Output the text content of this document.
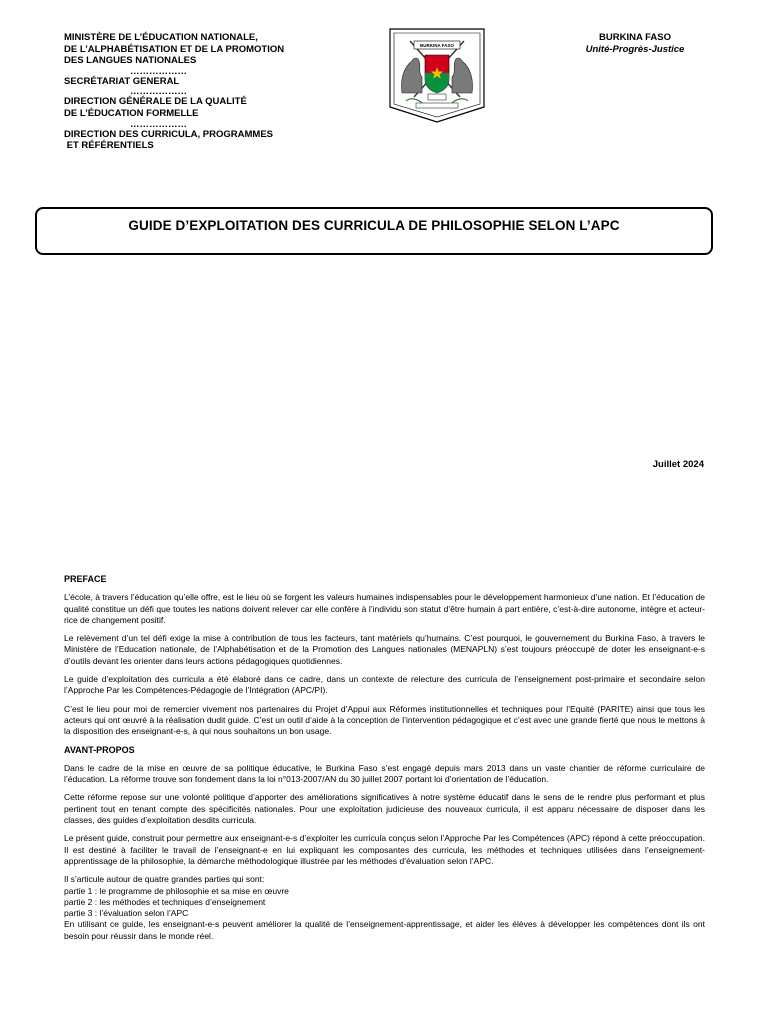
MINISTÈRE DE L’ÉDUCATION NATIONALE,
DE L’ALPHABÉTISATION ET DE LA PROMOTION
DES LANGUES NATIONALES
………………
SECRÉTARIAT GENERAL
………………
DIRECTION GÉNÉRALE DE LA QUALITÉ
DE L’ÉDUCATION FORMELLE
………………
DIRECTION DES CURRICULA, PROGRAMMES
ET RÉFÉRENTIELS
BURKINA FASO
BURKINA FASO
Unité-Progrès-Justice
GUIDE D’EXPLOITATION DES CURRICULA DE PHILOSOPHIE SELON L’APC
Juillet 2024
PREFACE

L’école, à travers l’éducation qu’elle offre, est le lieu où se forgent les valeurs humaines indispensables pour le développement harmonieux d’une nation. Et l’éducation de qualité constitue un défi que toutes les nations doivent relever car elle confère à l’individu son statut d’être humain à part entière, c’est-à-dire autonome, intègre et acteur-rice de changement positif.

Le relèvement d’un tel défi exige la mise à contribution de tous les facteurs, tant matériels qu’humains. C’est pourquoi, le gouvernement du Burkina Faso, à travers le Ministère de l’Education nationale, de l’Alphabétisation et de la Promotion des Langues nationales (MENAPLN) s’est toujours préoccupé de doter les enseignant-e-s d’outils devant les orienter dans leurs actions pédagogiques quotidiennes.

Le guide d’exploitation des curricula a été élaboré dans ce cadre, dans un contexte de relecture des curricula de l’enseignement post-primaire et secondaire selon l’Approche Par les Compétences-Pédagogie de l’Intégration (APC/PI).

C’est le lieu pour moi de remercier vivement nos partenaires du Projet d’Appui aux Réformes institutionnelles et techniques pour l’Equité (PARITE) ainsi que tous les acteurs qui ont œuvré à la réalisation dudit guide. C’est un outil d’aide à la conception de l’intervention pédagogique et c’est avec une grande fierté que nous le mettons à la disposition des enseignant-e-s, à qui nous souhaitons un bon usage.

AVANT-PROPOS

Dans le cadre de la mise en œuvre de sa politique éducative, le Burkina Faso s’est engagé depuis mars 2013 dans un vaste chantier de réforme curriculaire de l’éducation. La réforme trouve son fondement dans la loi n°013-2007/AN du 30 juillet 2007 portant loi d’orientation de l’éducation.

Cette réforme repose sur une volonté politique d’apporter des améliorations significatives à notre système éducatif dans le sens de le rendre plus performant et plus pertinent tout en tenant compte des spécificités nationales. Pour une exploitation judicieuse des nouveaux curricula, il est apparu nécessaire de disposer dans les classes, des guides d’exploitation desdits curricula.

Le présent guide, construit pour permettre aux enseignant-e-s d’exploiter les curricula conçus selon l’Approche Par les Compétences (APC) répond à cette préoccupation. Il est destiné à faciliter le travail de l’enseignant-e en lui expliquant les composantes des curricula, les méthodes et techniques utilisées dans l’enseignement-apprentissage de la philosophie, la démarche méthodologique illustrée par les méthodes d’évaluation selon l’APC.

Il s’articule autour de quatre grandes parties qui sont:
partie 1 : le programme de philosophie et sa mise en œuvre
partie 2 : les méthodes et techniques d’enseignement
partie 3 : l’évaluation selon l’APC
En utilisant ce guide, les enseignant-e-s peuvent améliorer la qualité de l’enseignement-apprentissage, et aider les élèves à développer les compétences dont ils ont besoin pour réussir dans le monde réel.
